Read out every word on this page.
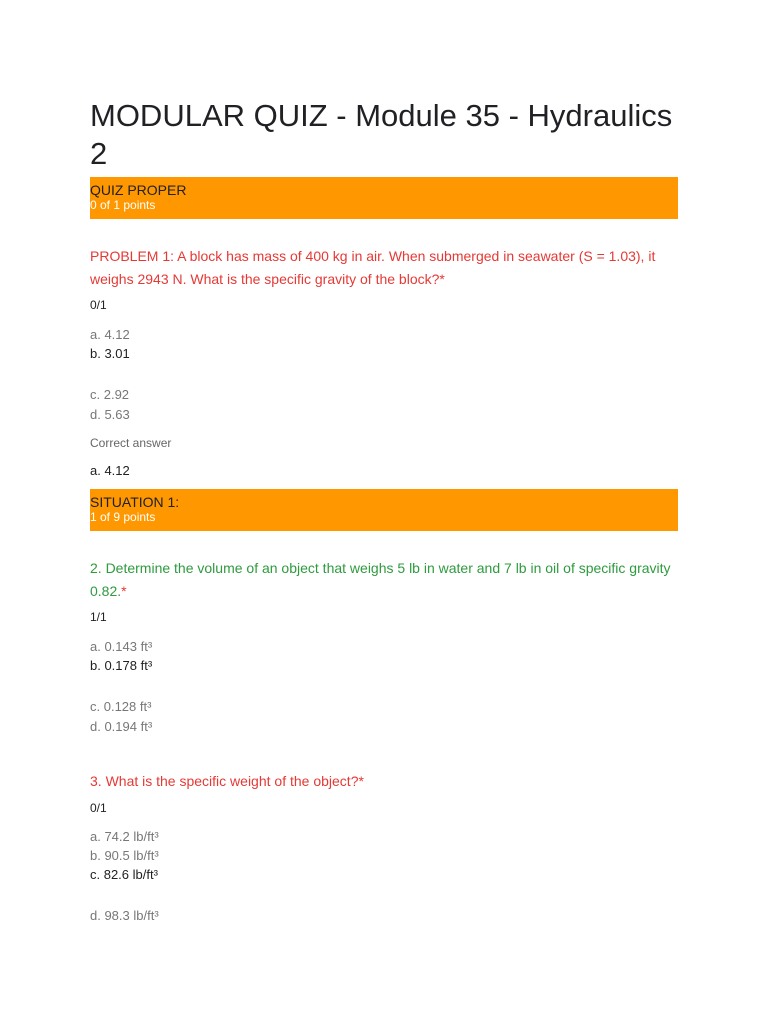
MODULAR QUIZ - Module 35 - Hydraulics 2
QUIZ PROPER
0 of 1 points
PROBLEM 1: A block has mass of 400 kg in air. When submerged in seawater (S = 1.03), it weighs 2943 N. What is the specific gravity of the block?*
0/1
a. 4.12
b. 3.01
c. 2.92
d. 5.63
Correct answer
a. 4.12
SITUATION 1:
1 of 9 points
2. Determine the volume of an object that weighs 5 lb in water and 7 lb in oil of specific gravity 0.82.*
1/1
a. 0.143 ft³
b. 0.178 ft³
c. 0.128 ft³
d. 0.194 ft³
3. What is the specific weight of the object?*
0/1
a. 74.2 lb/ft³
b. 90.5 lb/ft³
c. 82.6 lb/ft³
d. 98.3 lb/ft³
